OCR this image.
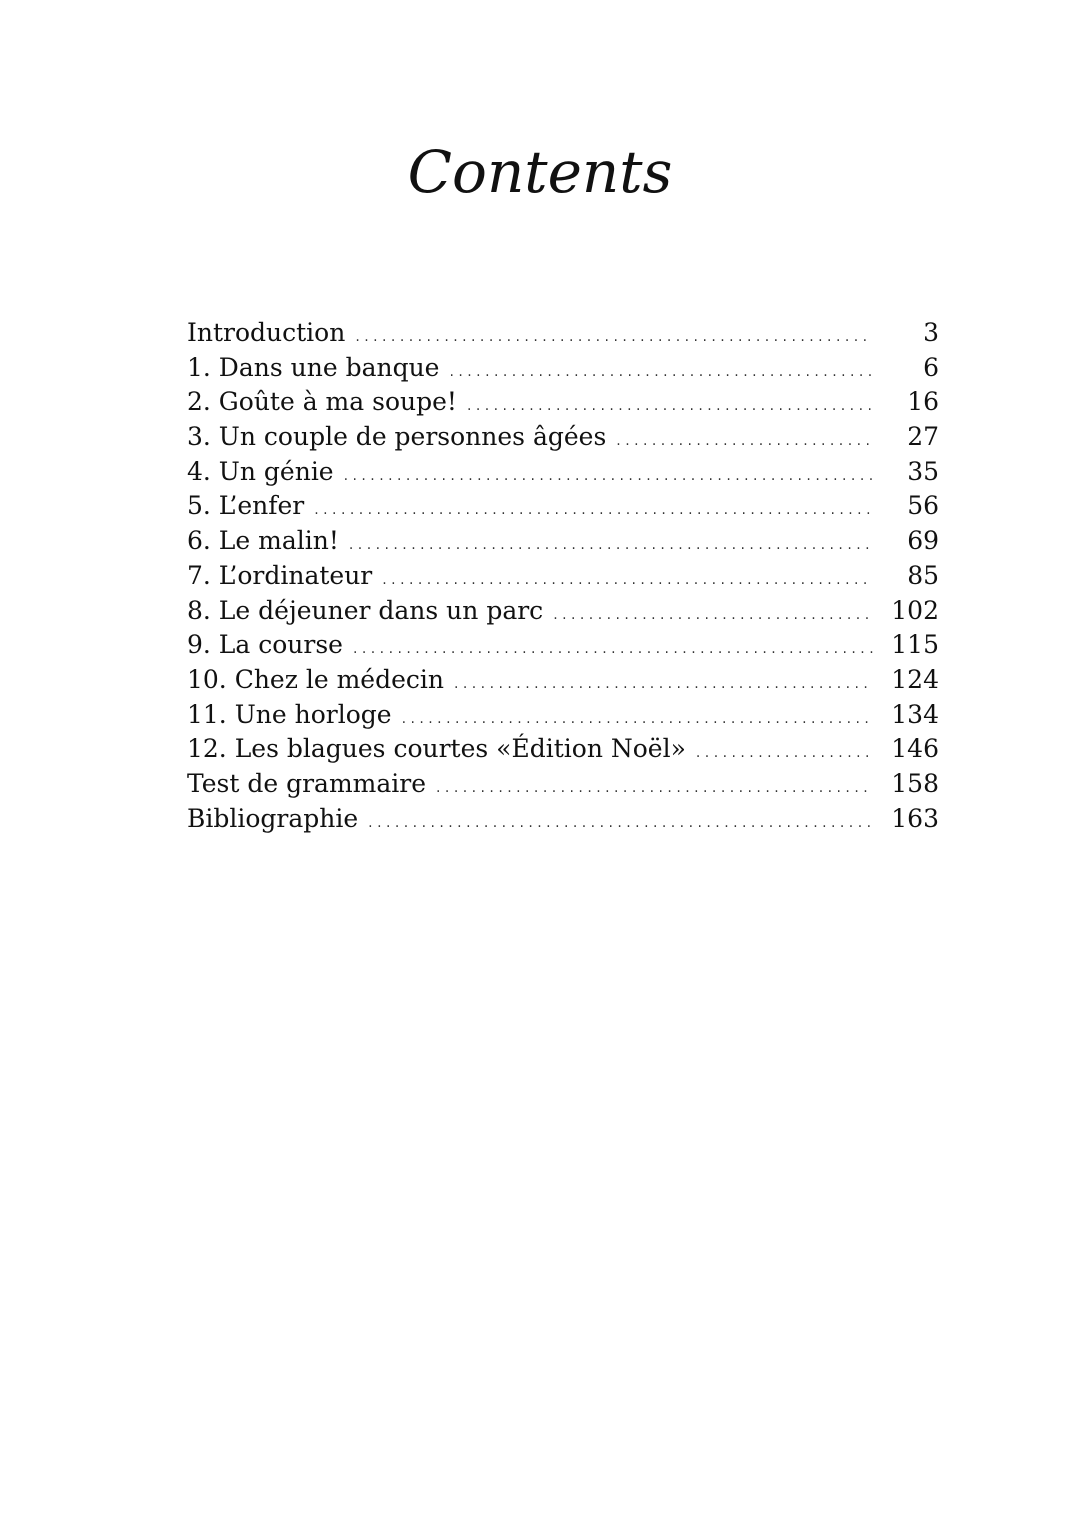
Contents
Introduction . . .	3
1. Dans une banque . . .	6
2. Goûte à ma soupe! . . .	16
3. Un couple de personnes âgées . . .	27
4. Un génie . . .	35
5. L’enfer . . .	56
6. Le malin! . . .	69
7. L’ordinateur . . .	85
8. Le déjeuner dans un parc . . .	102
9. La course . . .	115
10. Chez le médecin . . .	124
11. Une horloge . . .	134
12. Les blagues courtes «Édition Noël» . . .	146
Test de grammaire . . .	158
Bibliographie . . .	163
